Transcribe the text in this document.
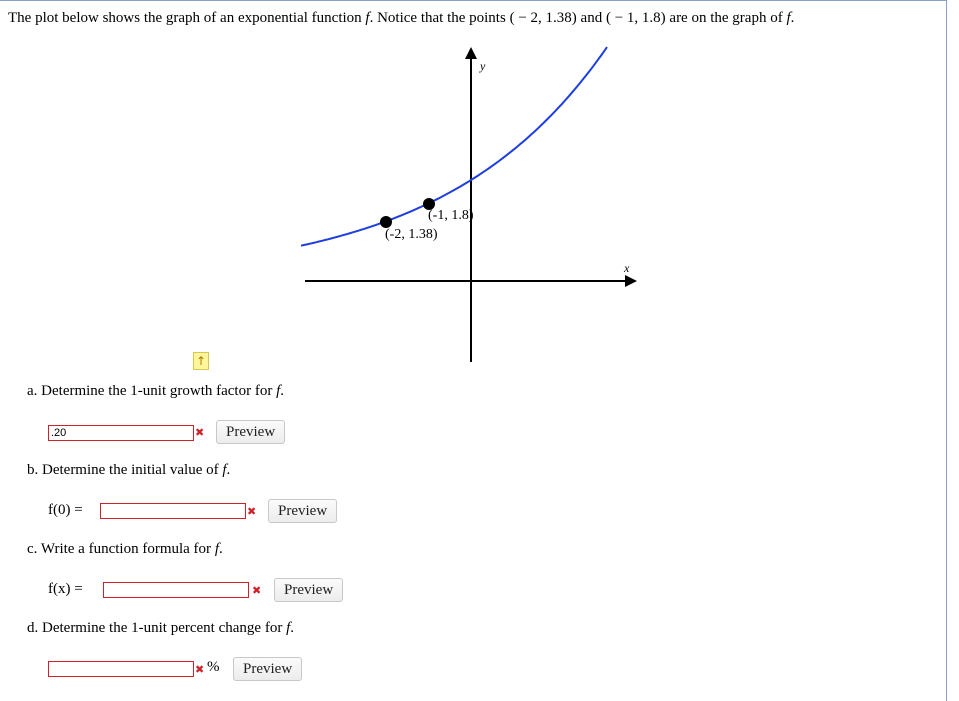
The plot below shows the graph of an exponential function f. Notice that the points ( − 2, 1.38) and ( − 1, 1.8) are on the graph of f.
y
x
(-2, 1.38)
(-1, 1.8)
↑
a. Determine the 1-unit growth factor for f.
.20	✖	Preview
b. Determine the initial value of f.
f(0) =	✖	Preview
c. Write a function formula for f.
f(x) =	✖	Preview
d. Determine the 1-unit percent change for f.
✖ %	Preview
